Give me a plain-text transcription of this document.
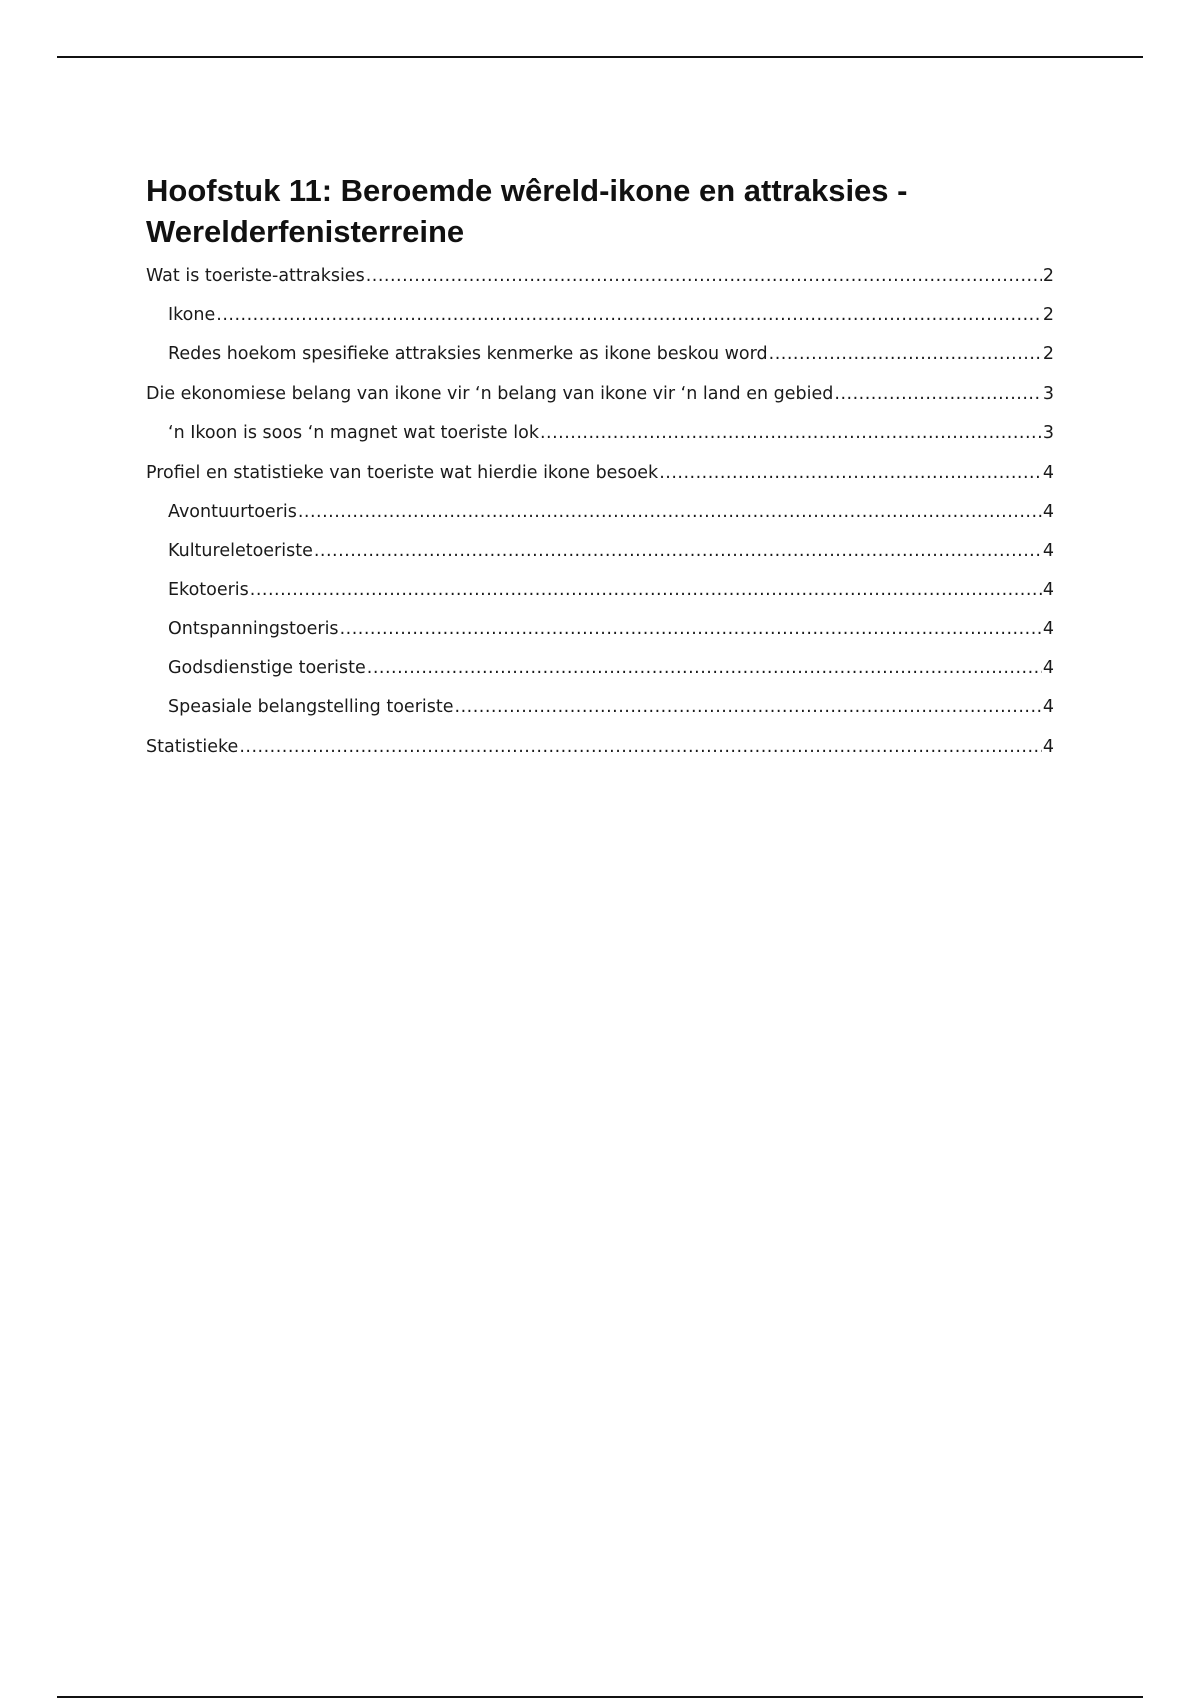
Hoofstuk 11: Beroemde wêreld-ikone en attraksies -
Werelderfenisterreine
Wat is toeriste-attraksies .....	2
Ikone .....	2
Redes hoekom spesifieke attraksies kenmerke as ikone beskou word .....	2
Die ekonomiese belang van ikone vir ‘n belang van ikone vir ‘n land en gebied .....	3
‘n Ikoon is soos ‘n magnet wat toeriste lok .....	3
Profiel en statistieke van toeriste wat hierdie ikone besoek .....	4
Avontuurtoeris .....	4
Kultureletoeriste .....	4
Ekotoeris .....	4
Ontspanningstoeris .....	4
Godsdienstige toeriste .....	4
Speasiale belangstelling toeriste .....	4
Statistieke .....	4
